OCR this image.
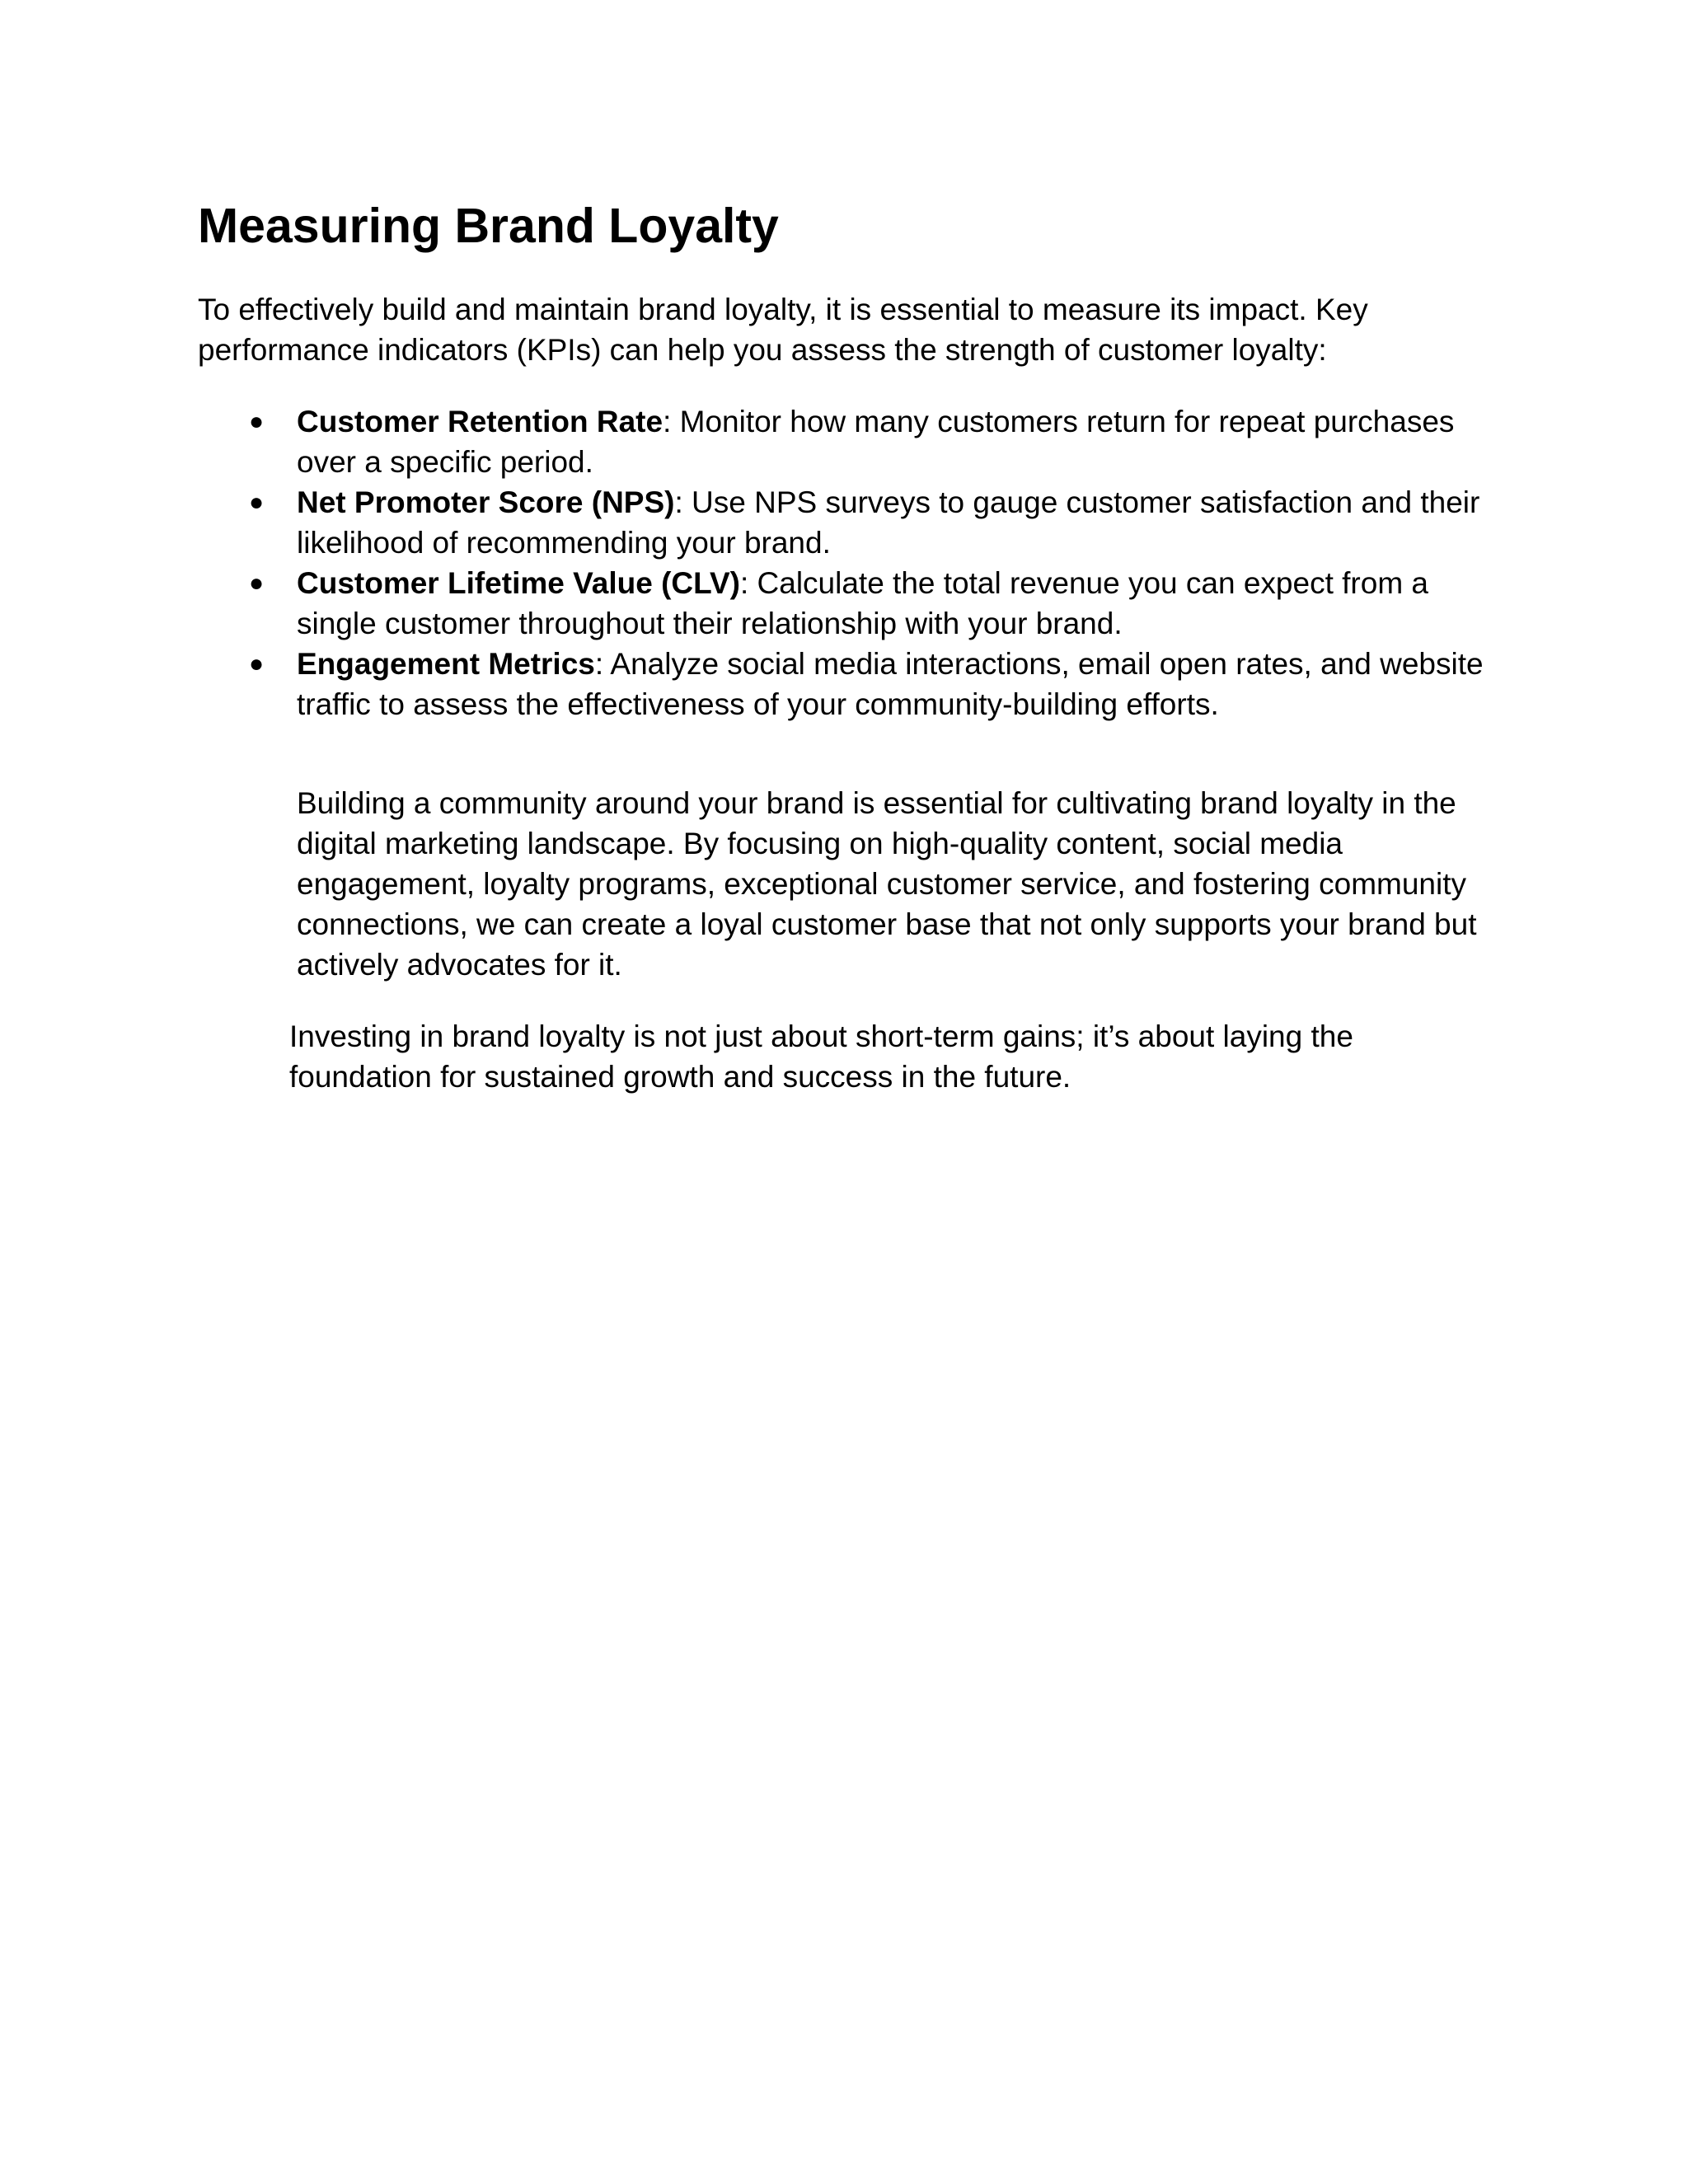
Measuring Brand Loyalty

To effectively build and maintain brand loyalty, it is essential to measure its impact. Key performance indicators (KPIs) can help you assess the strength of customer loyalty:

● Customer Retention Rate: Monitor how many customers return for repeat purchases over a specific period.
● Net Promoter Score (NPS): Use NPS surveys to gauge customer satisfaction and their likelihood of recommending your brand.
● Customer Lifetime Value (CLV): Calculate the total revenue you can expect from a single customer throughout their relationship with your brand.
● Engagement Metrics: Analyze social media interactions, email open rates, and website traffic to assess the effectiveness of your community-building efforts.

Building a community around your brand is essential for cultivating brand loyalty in the digital marketing landscape. By focusing on high-quality content, social media engagement, loyalty programs, exceptional customer service, and fostering community connections, we can create a loyal customer base that not only supports your brand but actively advocates for it.

Investing in brand loyalty is not just about short-term gains; it’s about laying the foundation for sustained growth and success in the future.
